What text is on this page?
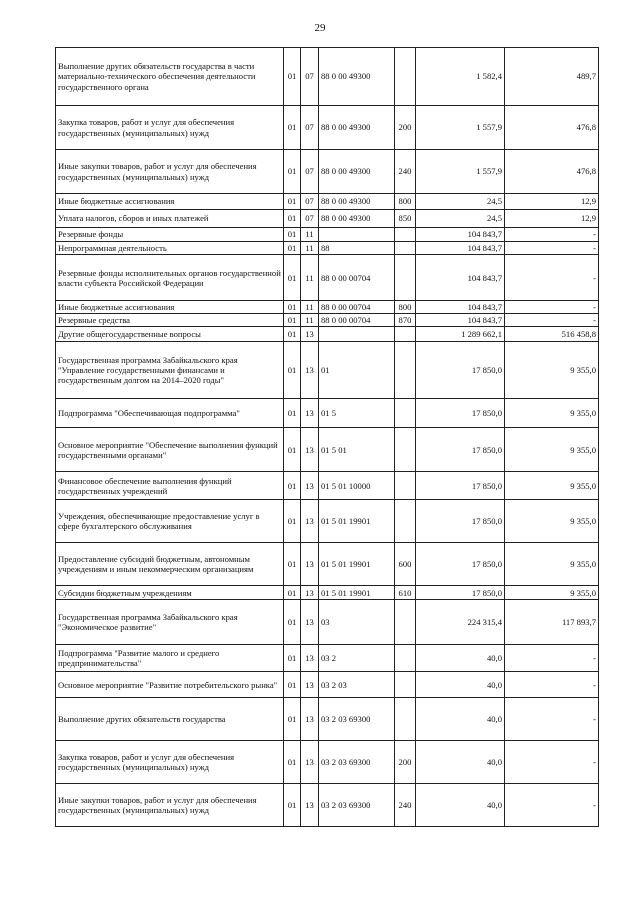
29
Выполнение других обязательств государства в части материально-технического обеспечения деятельности государственного органа	01	07	88 0 00 49300		1 582,4	489,7
Закупка товаров, работ и услуг для обеспечения государственных (муниципальных) нужд	01	07	88 0 00 49300	200	1 557,9	476,8
Иные закупки товаров, работ и услуг для обеспечения государственных (муниципальных) нужд	01	07	88 0 00 49300	240	1 557,9	476,8
Иные бюджетные ассигнования	01	07	88 0 00 49300	800	24,5	12,9
Уплата налогов, сборов и иных платежей	01	07	88 0 00 49300	850	24,5	12,9
Резервные фонды	01	11			104 843,7	-
Непрограммная деятельность	01	11	88		104 843,7	-
Резервные фонды исполнительных органов государственной власти субъекта Российской Федерации	01	11	88 0 00 00704		104 843,7	-
Иные бюджетные ассигнования	01	11	88 0 00 00704	800	104 843,7	-
Резервные средства	01	11	88 0 00 00704	870	104 843,7	-
Другие общегосударственные вопросы	01	13			1 289 662,1	516 458,8
Государственная программа Забайкальского края "Управление государственными финансами и государственным долгом на 2014–2020 годы"	01	13	01		17 850,0	9 355,0
Подпрограмма "Обеспечивающая подпрограмма"	01	13	01 5		17 850,0	9 355,0
Основное мероприятие "Обеспечение выполнения функций государственными органами"	01	13	01 5 01		17 850,0	9 355,0
Финансовое обеспечение выполнения функций государственных учреждений	01	13	01 5 01 10000		17 850,0	9 355,0
Учреждения, обеспечивающие предоставление услуг в сфере бухгалтерского обслуживания	01	13	01 5 01 19901		17 850,0	9 355,0
Предоставление субсидий бюджетным, автономным учреждениям и иным некоммерческим организациям	01	13	01 5 01 19901	600	17 850,0	9 355,0
Субсидии бюджетным учреждениям	01	13	01 5 01 19901	610	17 850,0	9 355,0
Государственная программа Забайкальского края "Экономическое развитие"	01	13	03		224 315,4	117 893,7
Подпрограмма "Развитие малого и среднего предпринимательства"	01	13	03 2		40,0	-
Основное мероприятие "Развитие потребительского рынка"	01	13	03 2 03		40,0	-
Выполнение других обязательств государства	01	13	03 2 03 69300		40,0	-
Закупка товаров, работ и услуг для обеспечения государственных (муниципальных) нужд	01	13	03 2 03 69300	200	40,0	-
Иные закупки товаров, работ и услуг для обеспечения государственных (муниципальных) нужд	01	13	03 2 03 69300	240	40,0	-
